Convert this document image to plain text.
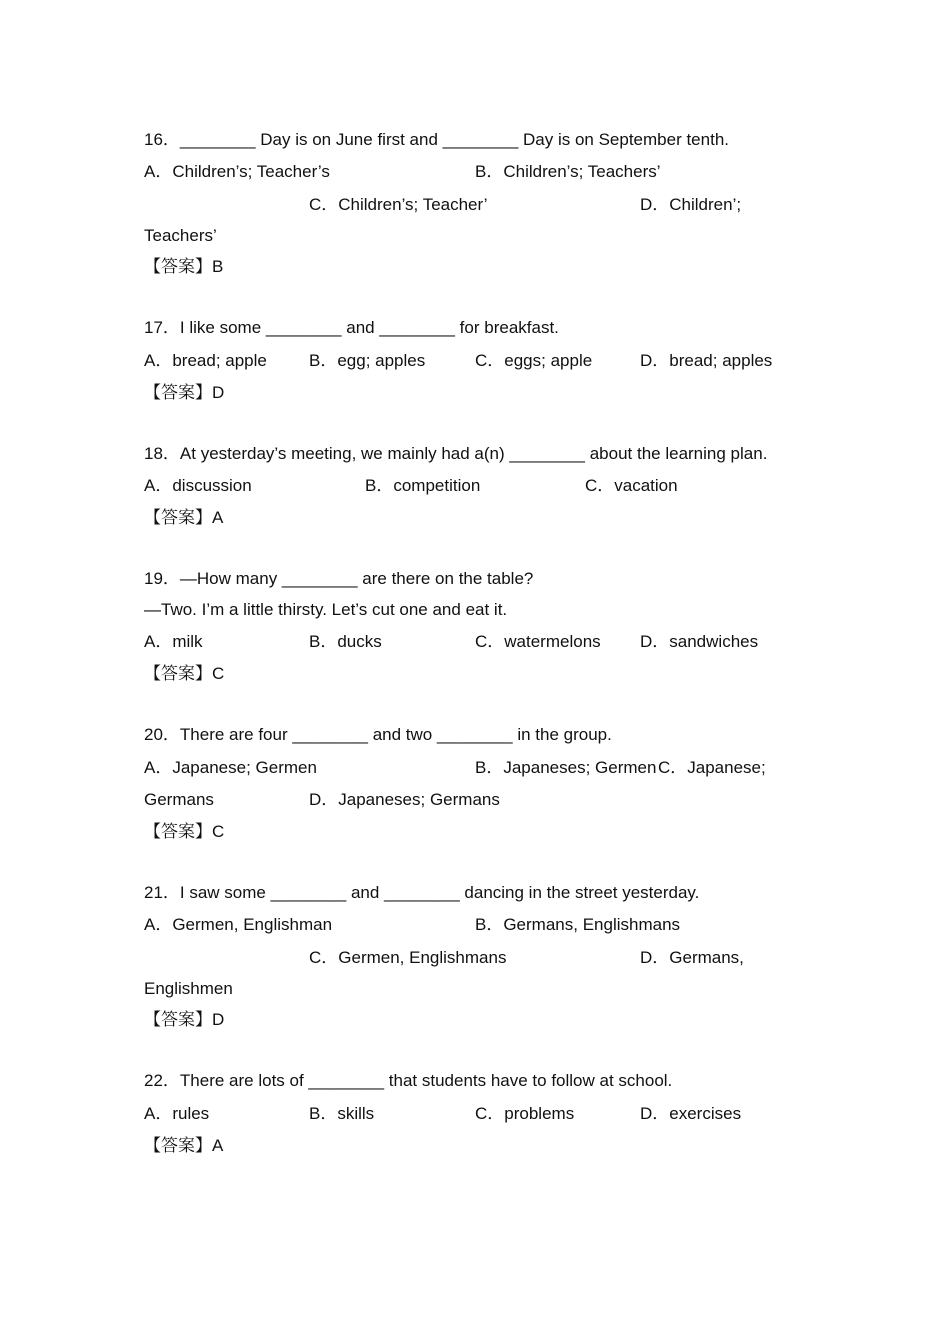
16．________ Day is on June first and ________ Day is on September tenth.
A．Children’s; Teacher’s	B．Children’s; Teachers’
C．Children’s; Teacher’	D．Children’;
Teachers’
【答案】B
17．I like some ________ and ________ for breakfast.
A．bread; apple B．egg; apples	C．eggs; apple	D．bread; apples
【答案】D
18．At yesterday’s meeting, we mainly had a(n) ________ about the learning plan.
A．discussion	B．competition	C．vacation
【答案】A
19．—How many ________ are there on the table?
—Two. I’m a little thirsty. Let’s cut one and eat it.
A．milk	B．ducks	C．watermelons D．sandwiches
【答案】C
20．There are four ________ and two ________ in the group.
A．Japanese; Germen	B．Japaneses; Germen C．Japanese;
Germans	D．Japaneses; Germans
【答案】C
21．I saw some ________ and ________ dancing in the street yesterday.
A．Germen, Englishman	B．Germans, Englishmans
C．Germen, Englishmans	D．Germans,
Englishmen
【答案】D
22．There are lots of ________ that students have to follow at school.
A．rules	B．skills	C．problems	D．exercises
【答案】A
